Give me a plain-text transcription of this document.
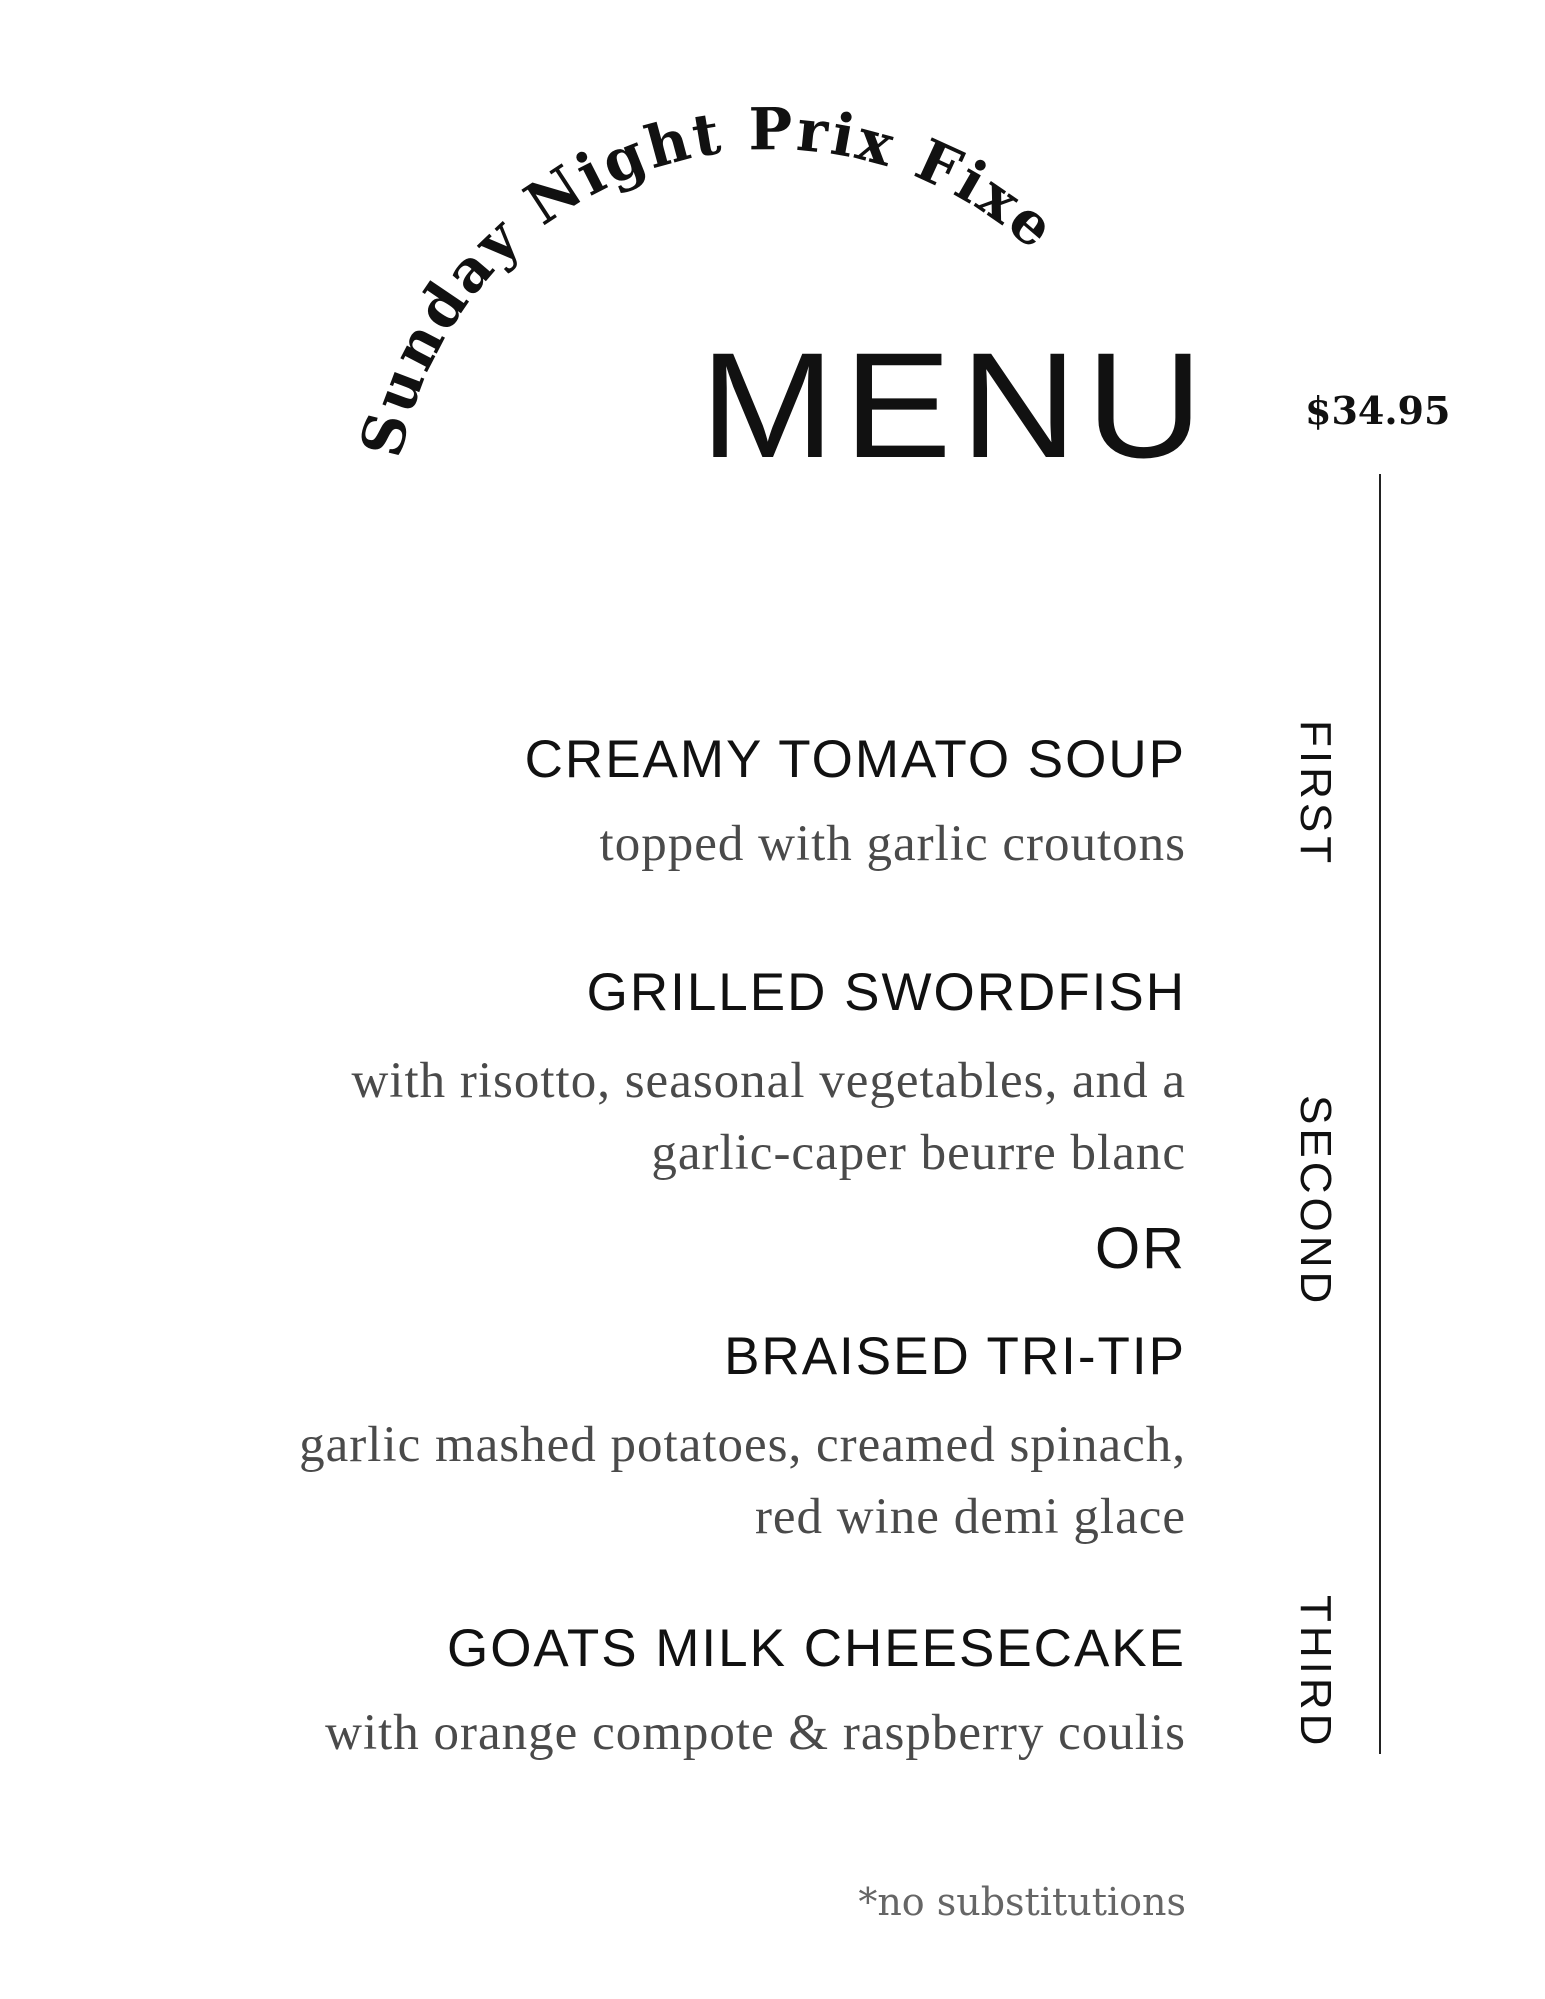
Sunday Night Prix Fixe
MENU	$34.95
FIRST
SECOND
THIRD
CREAMY TOMATO SOUP
topped with garlic croutons
GRILLED SWORDFISH
with risotto, seasonal vegetables, and a
garlic-caper beurre blanc
OR
BRAISED TRI-TIP
garlic mashed potatoes, creamed spinach,
red wine demi glace
GOATS MILK CHEESECAKE
with orange compote & raspberry coulis
*no substitutions
